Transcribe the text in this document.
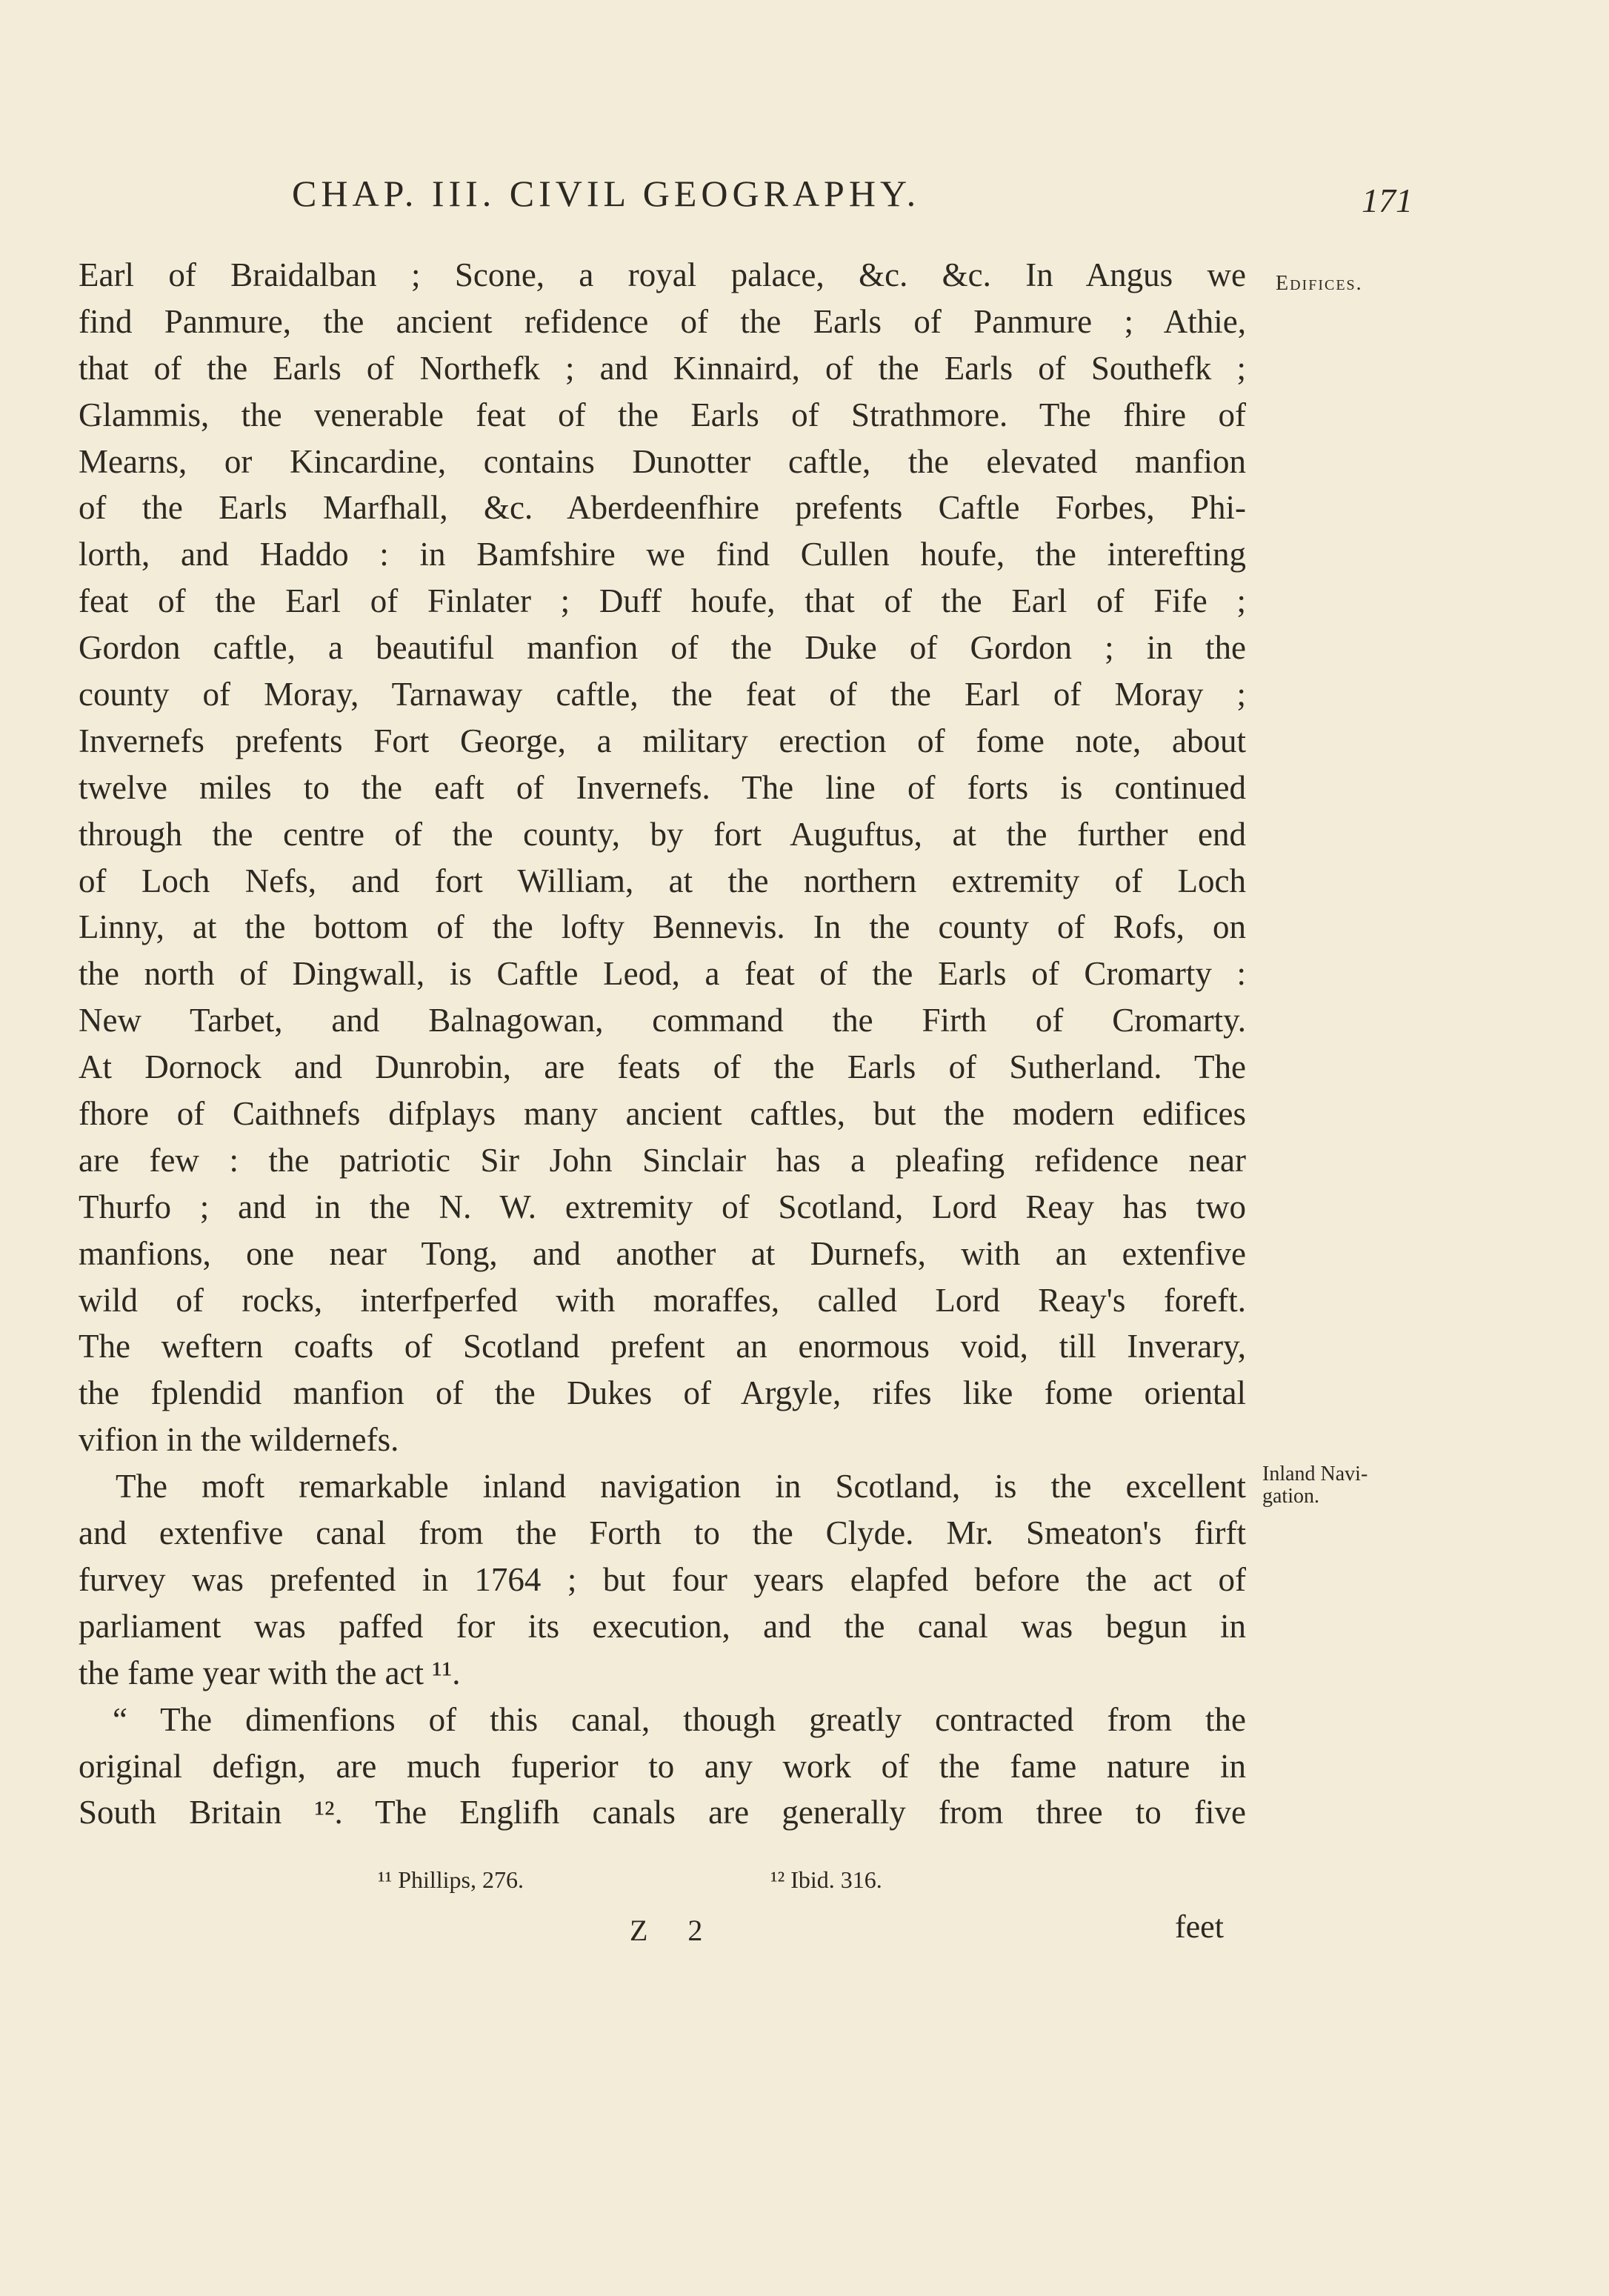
CHAP. III. CIVIL GEOGRAPHY.	171
Edifices.
Inland Navi-
gation.
Earl of Braidalban ; Scone, a royal palace, &c. &c. In Angus we
find Panmure, the ancient refidence of the Earls of Panmure ; Athie,
that of the Earls of Northefk ; and Kinnaird, of the Earls of Southefk ;
Glammis, the venerable feat of the Earls of Strathmore. The fhire of
Mearns, or Kincardine, contains Dunotter caftle, the elevated manfion
of the Earls Marfhall, &c. Aberdeenfhire prefents Caftle Forbes, Phi-
lorth, and Haddo : in Bamfshire we find Cullen houfe, the interefting
feat of the Earl of Finlater ; Duff houfe, that of the Earl of Fife ;
Gordon caftle, a beautiful manfion of the Duke of Gordon ; in the
county of Moray, Tarnaway caftle, the feat of the Earl of Moray ;
Invernefs prefents Fort George, a military erection of fome note, about
twelve miles to the eaft of Invernefs. The line of forts is continued
through the centre of the county, by fort Auguftus, at the further end
of Loch Nefs, and fort William, at the northern extremity of Loch
Linny, at the bottom of the lofty Bennevis. In the county of Rofs, on
the north of Dingwall, is Caftle Leod, a feat of the Earls of Cromarty :
New Tarbet, and Balnagowan, command the Firth of Cromarty.
At Dornock and Dunrobin, are feats of the Earls of Sutherland. The
fhore of Caithnefs difplays many ancient caftles, but the modern edifices
are few : the patriotic Sir John Sinclair has a pleafing refidence near
Thurfo ; and in the N. W. extremity of Scotland, Lord Reay has two
manfions, one near Tong, and another at Durnefs, with an extenfive
wild of rocks, interfperfed with moraffes, called Lord Reay's foreft.
The weftern coafts of Scotland prefent an enormous void, till Inverary,
the fplendid manfion of the Dukes of Argyle, rifes like fome oriental
vifion in the wildernefs.
The moft remarkable inland navigation in Scotland, is the excellent
and extenfive canal from the Forth to the Clyde. Mr. Smeaton's firft
furvey was prefented in 1764 ; but four years elapfed before the act of
parliament was paffed for its execution, and the canal was begun in
the fame year with the act ¹¹.
“ The dimenfions of this canal, though greatly contracted from the
original defign, are much fuperior to any work of the fame nature in
South Britain ¹². The Englifh canals are generally from three to five
¹¹ Phillips, 276.	¹² Ibid. 316.
Z 2	feet
